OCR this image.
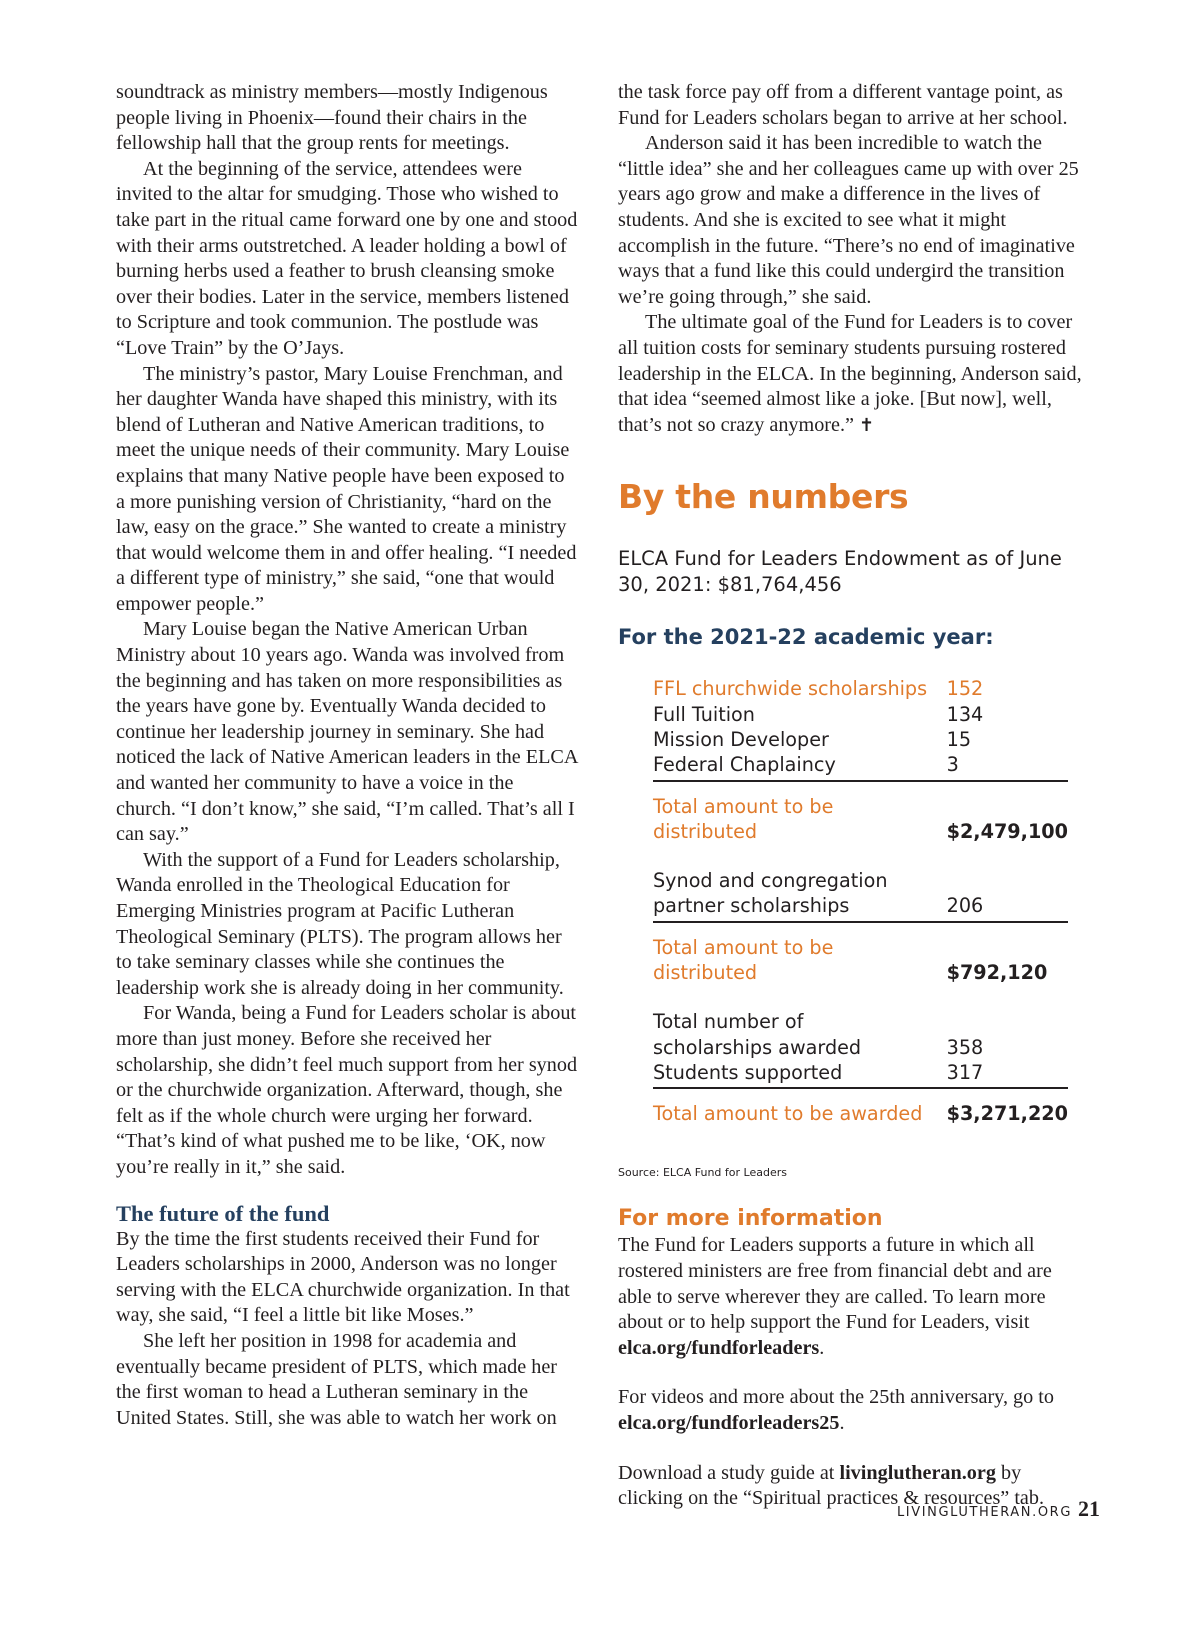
soundtrack as ministry members—mostly Indigenous people living in Phoenix—found their chairs in the fellowship hall that the group rents for meetings.

At the beginning of the service, attendees were invited to the altar for smudging. Those who wished to take part in the ritual came forward one by one and stood with their arms outstretched. A leader holding a bowl of burning herbs used a feather to brush cleansing smoke over their bodies. Later in the service, members listened to Scripture and took communion. The postlude was “Love Train” by the O’Jays.

The ministry’s pastor, Mary Louise Frenchman, and her daughter Wanda have shaped this ministry, with its blend of Lutheran and Native American traditions, to meet the unique needs of their community. Mary Louise explains that many Native people have been exposed to a more punishing version of Christianity, “hard on the law, easy on the grace.” She wanted to create a ministry that would welcome them in and offer healing. “I needed a different type of ministry,” she said, “one that would empower people.”

Mary Louise began the Native American Urban Ministry about 10 years ago. Wanda was involved from the beginning and has taken on more responsibilities as the years have gone by. Eventually Wanda decided to continue her leadership journey in seminary. She had noticed the lack of Native American leaders in the ELCA and wanted her community to have a voice in the church. “I don’t know,” she said, “I’m called. That’s all I can say.”

With the support of a Fund for Leaders scholarship, Wanda enrolled in the Theological Education for Emerging Ministries program at Pacific Lutheran Theological Seminary (PLTS). The program allows her to take seminary classes while she continues the leadership work she is already doing in her community.

For Wanda, being a Fund for Leaders scholar is about more than just money. Before she received her scholarship, she didn’t feel much support from her synod or the churchwide organization. Afterward, though, she felt as if the whole church were urging her forward. “That’s kind of what pushed me to be like, ‘OK, now you’re really in it,” she said.

The future of the fund

By the time the first students received their Fund for Leaders scholarships in 2000, Anderson was no longer serving with the ELCA churchwide organization. In that way, she said, “I feel a little bit like Moses.”

She left her position in 1998 for academia and eventually became president of PLTS, which made her the first woman to head a Lutheran seminary in the United States. Still, she was able to watch her work on

the task force pay off from a different vantage point, as Fund for Leaders scholars began to arrive at her school.

Anderson said it has been incredible to watch the “little idea” she and her colleagues came up with over 25 years ago grow and make a difference in the lives of students. And she is excited to see what it might accomplish in the future. “There’s no end of imaginative ways that a fund like this could undergird the transition we’re going through,” she said.

The ultimate goal of the Fund for Leaders is to cover all tuition costs for seminary students pursuing rostered leadership in the ELCA. In the beginning, Anderson said, that idea “seemed almost like a joke. [But now], well, that’s not so crazy anymore.” ✝

By the numbers
ELCA Fund for Leaders Endowment as of June 30, 2021: $81,764,456
For the 2021-22 academic year:
FFL churchwide scholarships	152
Full Tuition	134
Mission Developer	15
Federal Chaplaincy	3
Total amount to be distributed	$2,479,100
Synod and congregation
partner scholarships	206

Total amount to be distributed	$792,120
Total number of
scholarships awarded	358
Students supported	317
Total amount to be awarded	$3,271,220
Source: ELCA Fund for Leaders
For more information

The Fund for Leaders supports a future in which all rostered ministers are free from financial debt and are able to serve wherever they are called. To learn more about or to help support the Fund for Leaders, visit elca.org/fundforleaders.

For videos and more about the 25th anniversary, go to elca.org/fundforleaders25.

Download a study guide at livinglutheran.org by clicking on the “Spiritual practices & resources” tab.

LIVINGLUTHERAN.ORG 21
